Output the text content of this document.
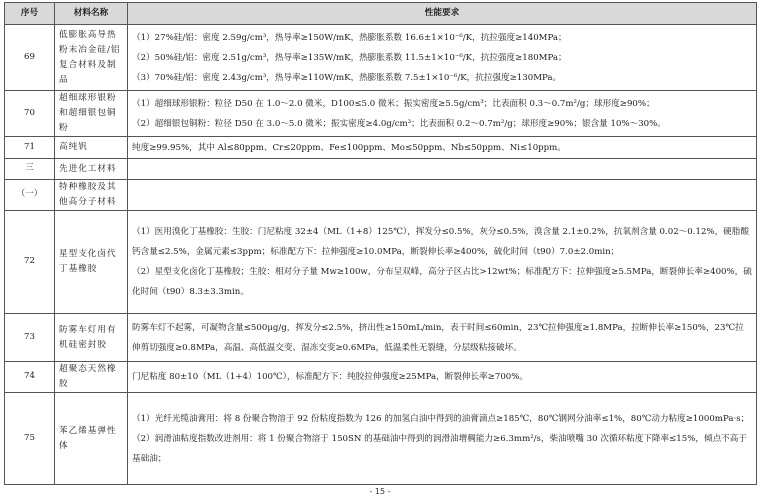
序号	材料名称	性能要求
69	低膨胀高导热粉末冶金硅/铝复合材料及制品	（1）27%硅/铝：密度 2.59g/cm³，热导率≥150W/mK，热膨胀系数 16.6±1×10⁻⁶/K，抗拉强度≥140MPa；
（2）50%硅/铝：密度 2.51g/cm³，热导率≥135W/mK，热膨胀系数 11.5±1×10⁻⁶/K，抗拉强度≥180MPa；
（3）70%硅/铝：密度 2.43g/cm³，热导率≥110W/mK，热膨胀系数 7.5±1×10⁻⁶/K，抗拉强度≥130MPa。

70	超细球形银粉和超细银包铜粉	（1）超细球形银粉：粒径 D50 在 1.0～2.0 微米，D100≤5.0 微米；振实密度≥5.5g/cm³；比表面积 0.3～0.7m²/g；球形度≥90%；
（2）超细银包铜粉：粒径 D50 在 3.0～5.0 微米；振实密度≥4.0g/cm³；比表面积 0.2～0.7m²/g；球形度≥90%；银含量 10%～30%。

71	高纯钒	纯度≥99.95%，其中 Al≤80ppm、Cr≤20ppm、Fe≤100ppm、Mo≤50ppm、Nb≤50ppm、Ni≤10ppm。

三	先进化工材料	
（一）	特种橡胶及其他高分子材料	
72	星型支化卤代丁基橡胶	（1）医用溴化丁基橡胶：生胶：门尼粘度 32±4（ML（1+8）125℃），挥发分≤0.5%，灰分≤0.5%，溴含量 2.1±0.2%，抗氧剂含量 0.02～0.12%，硬脂酸钙含量≤2.5%，金属元素≤3ppm；标准配方下：拉伸强度≥10.0MPa，断裂伸长率≥400%，硫化时间（t90）7.0±2.0min；
（2）星型支化卤化丁基橡胶；生胶：相对分子量 Mw≥100w，分布呈双峰，高分子区占比>12wt%；标准配方下：拉伸强度≥5.5MPa，断裂伸长率≥400%，硫化时间（t90）8.3±3.3min。

73	防雾车灯用有机硅密封胶	防雾车灯不起雾，可凝物含量≤500μg/g，挥发分≤2.5%，挤出性≥150mL/min，表干时间≤60min，23℃拉伸强度≥1.8MPa，拉断伸长率≥150%，23℃拉伸剪切强度≥0.8MPa，高温、高低温交变、湿冻交变≥0.6MPa，低温柔性无裂缝，分层级粘接破坏。

74	超聚态天然橡胶	门尼粘度 80±10（ML（1+4）100℃），标准配方下：纯胶拉伸强度≥25MPa，断裂伸长率≥700%。

75	苯乙烯基弹性体	（1）光纤光缆油膏用：将 8 份聚合物溶于 92 份粘度指数为 126 的加氢白油中得到的油膏滴点≥185℃，80℃钢网分油率≤1%，80℃动力粘度≥1000mPa·s；
（2）润滑油粘度指数改进剂用：将 1 份聚合物溶于 150SN 的基础油中得到的润滑油增稠能力≥6.3mm²/s，柴油喷嘴 30 次循环粘度下降率≤15%，倾点不高于基础油；
- 15 -
